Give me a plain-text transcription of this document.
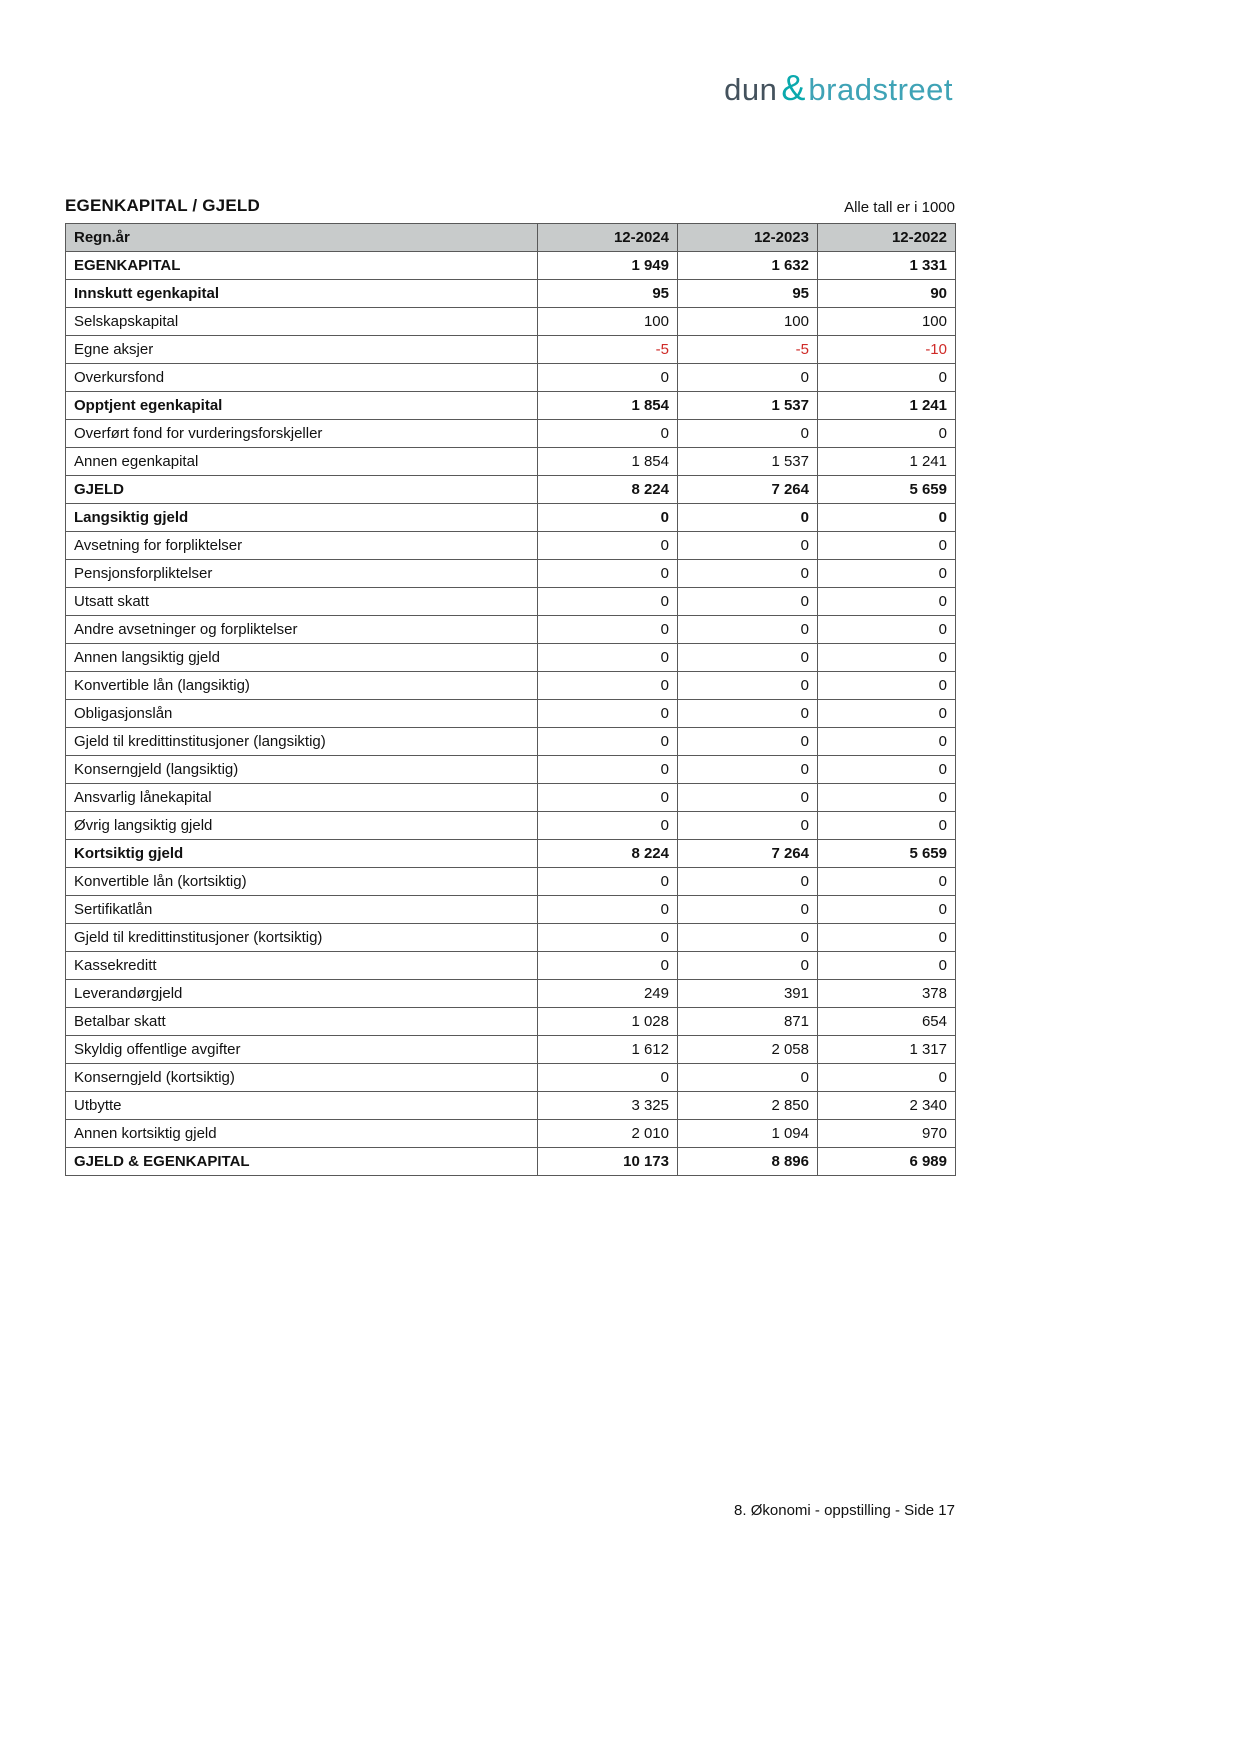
dun & bradstreet
EGENKAPITAL / GJELD	Alle tall er i 1000
Regn.år	12-2024	12-2023	12-2022
EGENKAPITAL	1 949	1 632	1 331
Innskutt egenkapital	95	95	90
Selskapskapital	100	100	100
Egne aksjer	-5	-5	-10
Overkursfond	0	0	0
Opptjent egenkapital	1 854	1 537	1 241
Overført fond for vurderingsforskjeller	0	0	0
Annen egenkapital	1 854	1 537	1 241
GJELD	8 224	7 264	5 659
Langsiktig gjeld	0	0	0
Avsetning for forpliktelser	0	0	0
Pensjonsforpliktelser	0	0	0
Utsatt skatt	0	0	0
Andre avsetninger og forpliktelser	0	0	0
Annen langsiktig gjeld	0	0	0
Konvertible lån (langsiktig)	0	0	0
Obligasjonslån	0	0	0
Gjeld til kredittinstitusjoner (langsiktig)	0	0	0
Konserngjeld (langsiktig)	0	0	0
Ansvarlig lånekapital	0	0	0
Øvrig langsiktig gjeld	0	0	0
Kortsiktig gjeld	8 224	7 264	5 659
Konvertible lån (kortsiktig)	0	0	0
Sertifikatlån	0	0	0
Gjeld til kredittinstitusjoner (kortsiktig)	0	0	0
Kassekreditt	0	0	0
Leverandørgjeld	249	391	378
Betalbar skatt	1 028	871	654
Skyldig offentlige avgifter	1 612	2 058	1 317
Konserngjeld (kortsiktig)	0	0	0
Utbytte	3 325	2 850	2 340
Annen kortsiktig gjeld	2 010	1 094	970
GJELD & EGENKAPITAL	10 173	8 896	6 989
8. Økonomi - oppstilling - Side 17
